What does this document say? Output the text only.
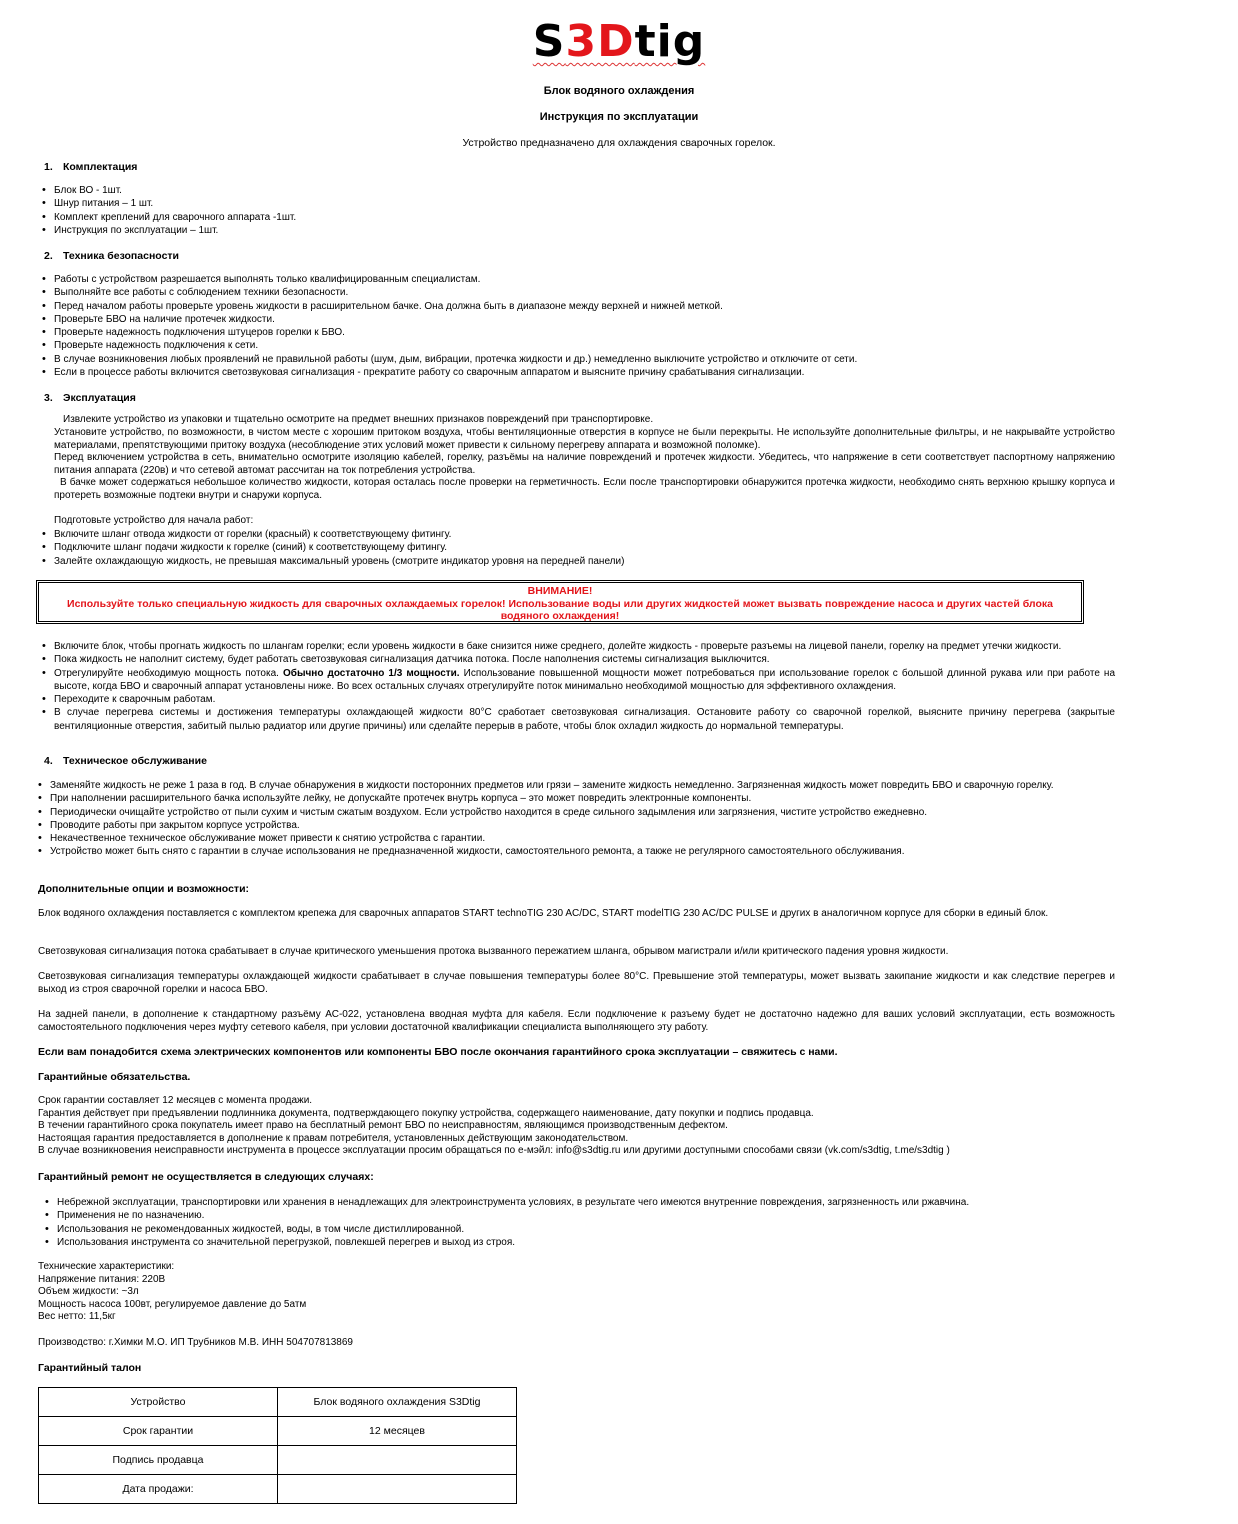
S3Dtig
Блок водяного охлаждения
Инструкция по эксплуатации
Устройство предназначено для охлаждения сварочных горелок.
1. Комплектация
• Блок ВО - 1шт.
• Шнур питания – 1 шт.
• Комплект креплений для сварочного аппарата -1шт.
• Инструкция по эксплуатации – 1шт.
2. Техника безопасности
• Работы с устройством разрешается выполнять только квалифицированным специалистам.
• Выполняйте все работы с соблюдением техники безопасности.
• Перед началом работы проверьте уровень жидкости в расширительном бачке. Она должна быть в диапазоне между верхней и нижней меткой.
• Проверьте БВО на наличие протечек жидкости.
• Проверьте надежность подключения штуцеров горелки к БВО.
• Проверьте надежность подключения к сети.
• В случае возникновения любых проявлений не правильной работы (шум, дым, вибрации, протечка жидкости и др.) немедленно выключите устройство и отключите от сети.
• Если в процессе работы включится светозвуковая сигнализация - прекратите работу со сварочным аппаратом и выясните причину срабатывания сигнализации.
3. Эксплуатация
Извлеките устройство из упаковки и тщательно осмотрите на предмет внешних признаков повреждений при транспортировке.
Установите устройство, по возможности, в чистом месте с хорошим притоком воздуха, чтобы вентиляционные отверстия в корпусе не были перекрыты. Не используйте дополнительные фильтры, и не накрывайте устройство материалами, препятствующими притоку воздуха (несоблюдение этих условий может привести к сильному перегреву аппарата и возможной поломке).
Перед включением устройства в сеть, внимательно осмотрите изоляцию кабелей, горелку, разъёмы на наличие повреждений и протечек жидкости. Убедитесь, что напряжение в сети соответствует паспортному напряжению питания аппарата (220в) и что сетевой автомат рассчитан на ток потребления устройства.
В бачке может содержаться небольшое количество жидкости, которая осталась после проверки на герметичность. Если после транспортировки обнаружится протечка жидкости, необходимо снять верхнюю крышку корпуса и протереть возможные подтеки внутри и снаружи корпуса.
Подготовьте устройство для начала работ:
• Включите шланг отвода жидкости от горелки (красный) к соответствующему фитингу.
• Подключите шланг подачи жидкости к горелке (синий) к соответствующему фитингу.
• Залейте охлаждающую жидкость, не превышая максимальный уровень (смотрите индикатор уровня на передней панели)
ВНИМАНИЕ!
Используйте только специальную жидкость для сварочных охлаждаемых горелок! Использование воды или других жидкостей может вызвать повреждение насоса и других частей блока водяного охлаждения!
• Включите блок, чтобы прогнать жидкость по шлангам горелки; если уровень жидкости в баке снизится ниже среднего, долейте жидкость - проверьте разъемы на лицевой панели, горелку на предмет утечки жидкости.
• Пока жидкость не наполнит систему, будет работать светозвуковая сигнализация датчика потока. После наполнения системы сигнализация выключится.
• Отрегулируйте необходимую мощность потока. Обычно достаточно 1/3 мощности. Использование повышенной мощности может потребоваться при использование горелок с большой длинной рукава или при работе на высоте, когда БВО и сварочный аппарат установлены ниже. Во всех остальных случаях отрегулируйте поток минимально необходимой мощностью для эффективного охлаждения.
• Переходите к сварочным работам.
• В случае перегрева системы и достижения температуры охлаждающей жидкости 80°С сработает светозвуковая сигнализация. Остановите работу со сварочной горелкой, выясните причину перегрева (закрытые вентиляционные отверстия, забитый пылью радиатор или другие причины) или сделайте перерыв в работе, чтобы блок охладил жидкость до нормальной температуры.
4. Техническое обслуживание
• Заменяйте жидкость не реже 1 раза в год. В случае обнаружения в жидкости посторонних предметов или грязи – замените жидкость немедленно. Загрязненная жидкость может повредить БВО и сварочную горелку.
• При наполнении расширительного бачка используйте лейку, не допускайте протечек внутрь корпуса – это может повредить электронные компоненты.
• Периодически очищайте устройство от пыли сухим и чистым сжатым воздухом. Если устройство находится в среде сильного задымления или загрязнения, чистите устройство ежедневно.
• Проводите работы при закрытом корпусе устройства.
• Некачественное техническое обслуживание может привести к снятию устройства с гарантии.
• Устройство может быть снято с гарантии в случае использования не предназначенной жидкости, самостоятельного ремонта, а также не регулярного самостоятельного обслуживания.
Дополнительные опции и возможности:
Блок водяного охлаждения поставляется с комплектом крепежа для сварочных аппаратов START technoTIG 230 AC/DC, START modelTIG 230 AC/DC PULSE и других в аналогичном корпусе для сборки в единый блок.
Светозвуковая сигнализация потока срабатывает в случае критического уменьшения протока вызванного пережатием шланга, обрывом магистрали и/или критического падения уровня жидкости.
Светозвуковая сигнализация температуры охлаждающей жидкости срабатывает в случае повышения температуры более 80°С. Превышение этой температуры, может вызвать закипание жидкости и как следствие перегрев и выход из строя сварочной горелки и насоса БВО.
На задней панели, в дополнение к стандартному разъёму АС-022, установлена вводная муфта для кабеля. Если подключение к разъему будет не достаточно надежно для ваших условий эксплуатации, есть возможность самостоятельного подключения через муфту сетевого кабеля, при условии достаточной квалификации специалиста выполняющего эту работу.
Если вам понадобится схема электрических компонентов или компоненты БВО после окончания гарантийного срока эксплуатации – свяжитесь с нами.
Гарантийные обязательства.
Срок гарантии составляет 12 месяцев с момента продажи.
Гарантия действует при предъявлении подлинника документа, подтверждающего покупку устройства, содержащего наименование, дату покупки и подпись продавца.
В течении гарантийного срока покупатель имеет право на бесплатный ремонт БВО по неисправностям, являющимся производственным дефектом.
Настоящая гарантия предоставляется в дополнение к правам потребителя, установленных действующим законодательством.
В случае возникновения неисправности инструмента в процессе эксплуатации просим обращаться по e-мэйл: info@s3dtig.ru или другими доступными способами связи (vk.com/s3dtig, t.me/s3dtig )
Гарантийный ремонт не осуществляется в следующих случаях:
• Небрежной эксплуатации, транспортировки или хранения в ненадлежащих для электроинструмента условиях, в результате чего имеются внутренние повреждения, загрязненность или ржавчина.
• Применения не по назначению.
• Использования не рекомендованных жидкостей, воды, в том числе дистиллированной.
• Использования инструмента со значительной перегрузкой, повлекшей перегрев и выход из строя.
Технические характеристики:
Напряжение питания: 220В
Объем жидкости: ~3л
Мощность насоса 100вт, регулируемое давление до 5атм
Вес нетто: 11,5кг
Производство: г.Химки М.О. ИП Трубников М.В. ИНН 504707813869
Гарантийный талон
Устройство	Блок водяного охлаждения S3Dtig
Срок гарантии	12 месяцев
Подпись продавца	
Дата продажи:	
